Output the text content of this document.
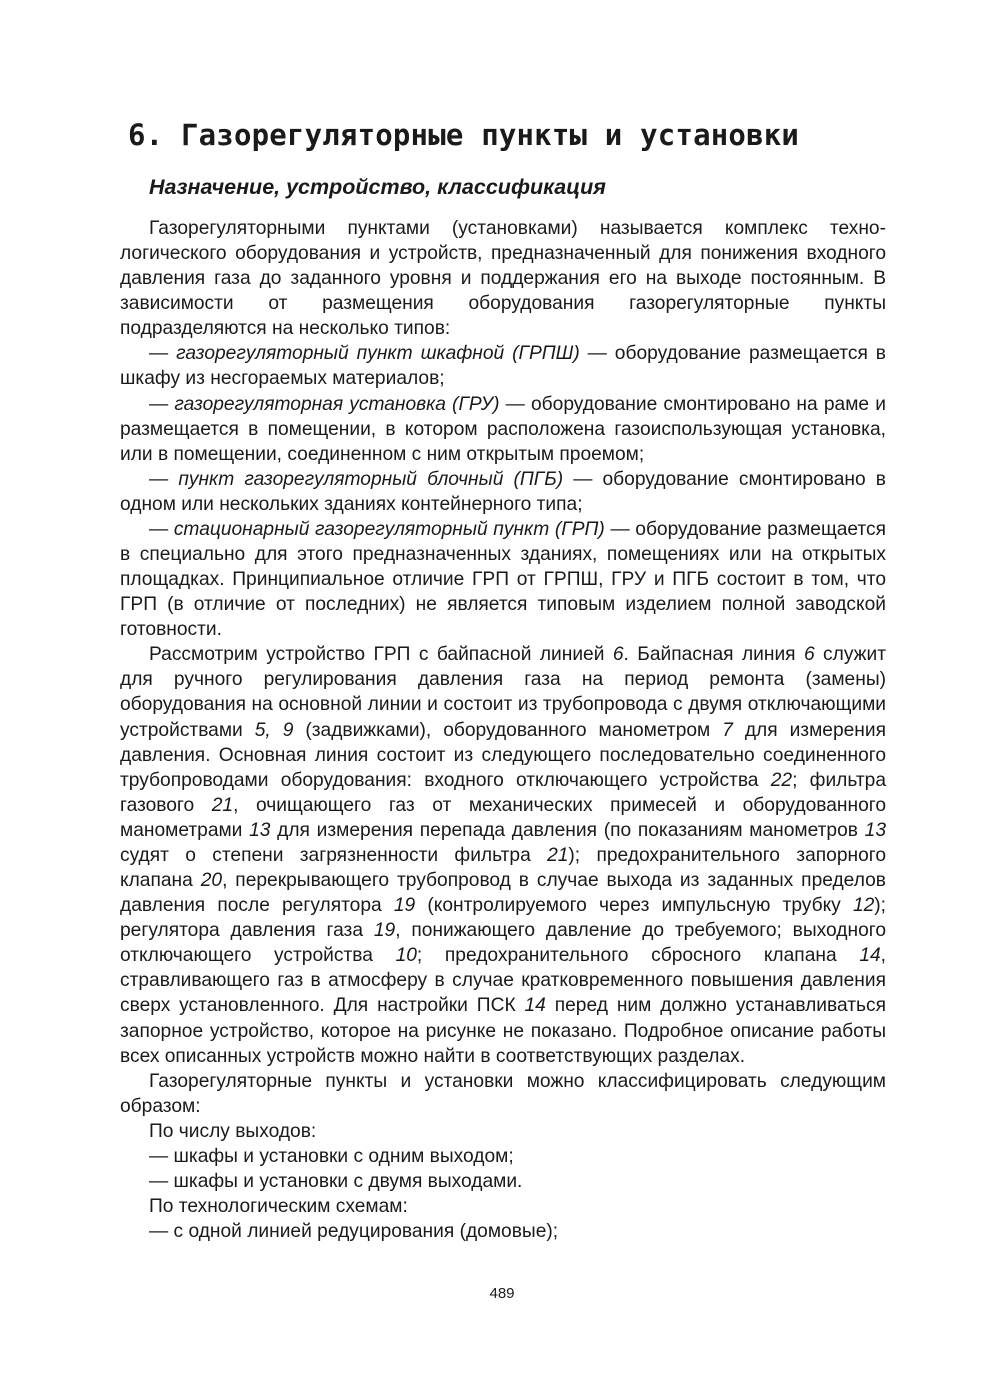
6. Газорегуляторные пункты и установки
Назначение, устройство, классификация

Газорегуляторными пунктами (установками) называется комплекс технологического оборудования и устройств, предназначенный для понижения входного давления газа до заданного уровня и поддержания его на выходе постоянным. В зависимости от размещения оборудования газорегуляторные пункты подразделяются на несколько типов:

— газорегуляторный пункт шкафной (ГРПШ) — оборудование размещается в шкафу из несгораемых материалов;

— газорегуляторная установка (ГРУ) — оборудование смонтировано на раме и размещается в помещении, в котором расположена газоиспользующая установка, или в помещении, соединенном с ним открытым проемом;

— пункт газорегуляторный блочный (ПГБ) — оборудование смонтировано в одном или нескольких зданиях контейнерного типа;

— стационарный газорегуляторный пункт (ГРП) — оборудование размещается в специально для этого предназначенных зданиях, помещениях или на открытых площадках. Принципиальное отличие ГРП от ГРПШ, ГРУ и ПГБ состоит в том, что ГРП (в отличие от последних) не является типовым изделием полной заводской готовности.

Рассмотрим устройство ГРП с байпасной линией 6. Байпасная линия 6 служит для ручного регулирования давления газа на период ремонта (замены) оборудования на основной линии и состоит из трубопровода с двумя отключающими устройствами 5, 9 (задвижками), оборудованного манометром 7 для измерения давления. Основная линия состоит из следующего последовательно соединенного трубопроводами оборудования: входного отключающего устройства 22; фильтра газового 21, очищающего газ от механических примесей и оборудованного манометрами 13 для измерения перепада давления (по показаниям манометров 13 судят о степени загрязненности фильтра 21); предохранительного запорного клапана 20, перекрывающего трубопровод в случае выхода из заданных пределов давления после регулятора 19 (контролируемого через импульсную трубку 12); регулятора давления газа 19, понижающего давление до требуемого; выходного отключающего устройства 10; предохранительного сбросного клапана 14, стравливающего газ в атмосферу в случае кратковременного повышения давления сверх установленного. Для настройки ПСК 14 перед ним должно устанавливаться запорное устройство, которое на рисунке не показано. Подробное описание работы всех описанных устройств можно найти в соответствующих разделах.

Газорегуляторные пункты и установки можно классифицировать следующим образом:

По числу выходов:

— шкафы и установки с одним выходом;

— шкафы и установки с двумя выходами.

По технологическим схемам:

— с одной линией редуцирования (домовые);

489
